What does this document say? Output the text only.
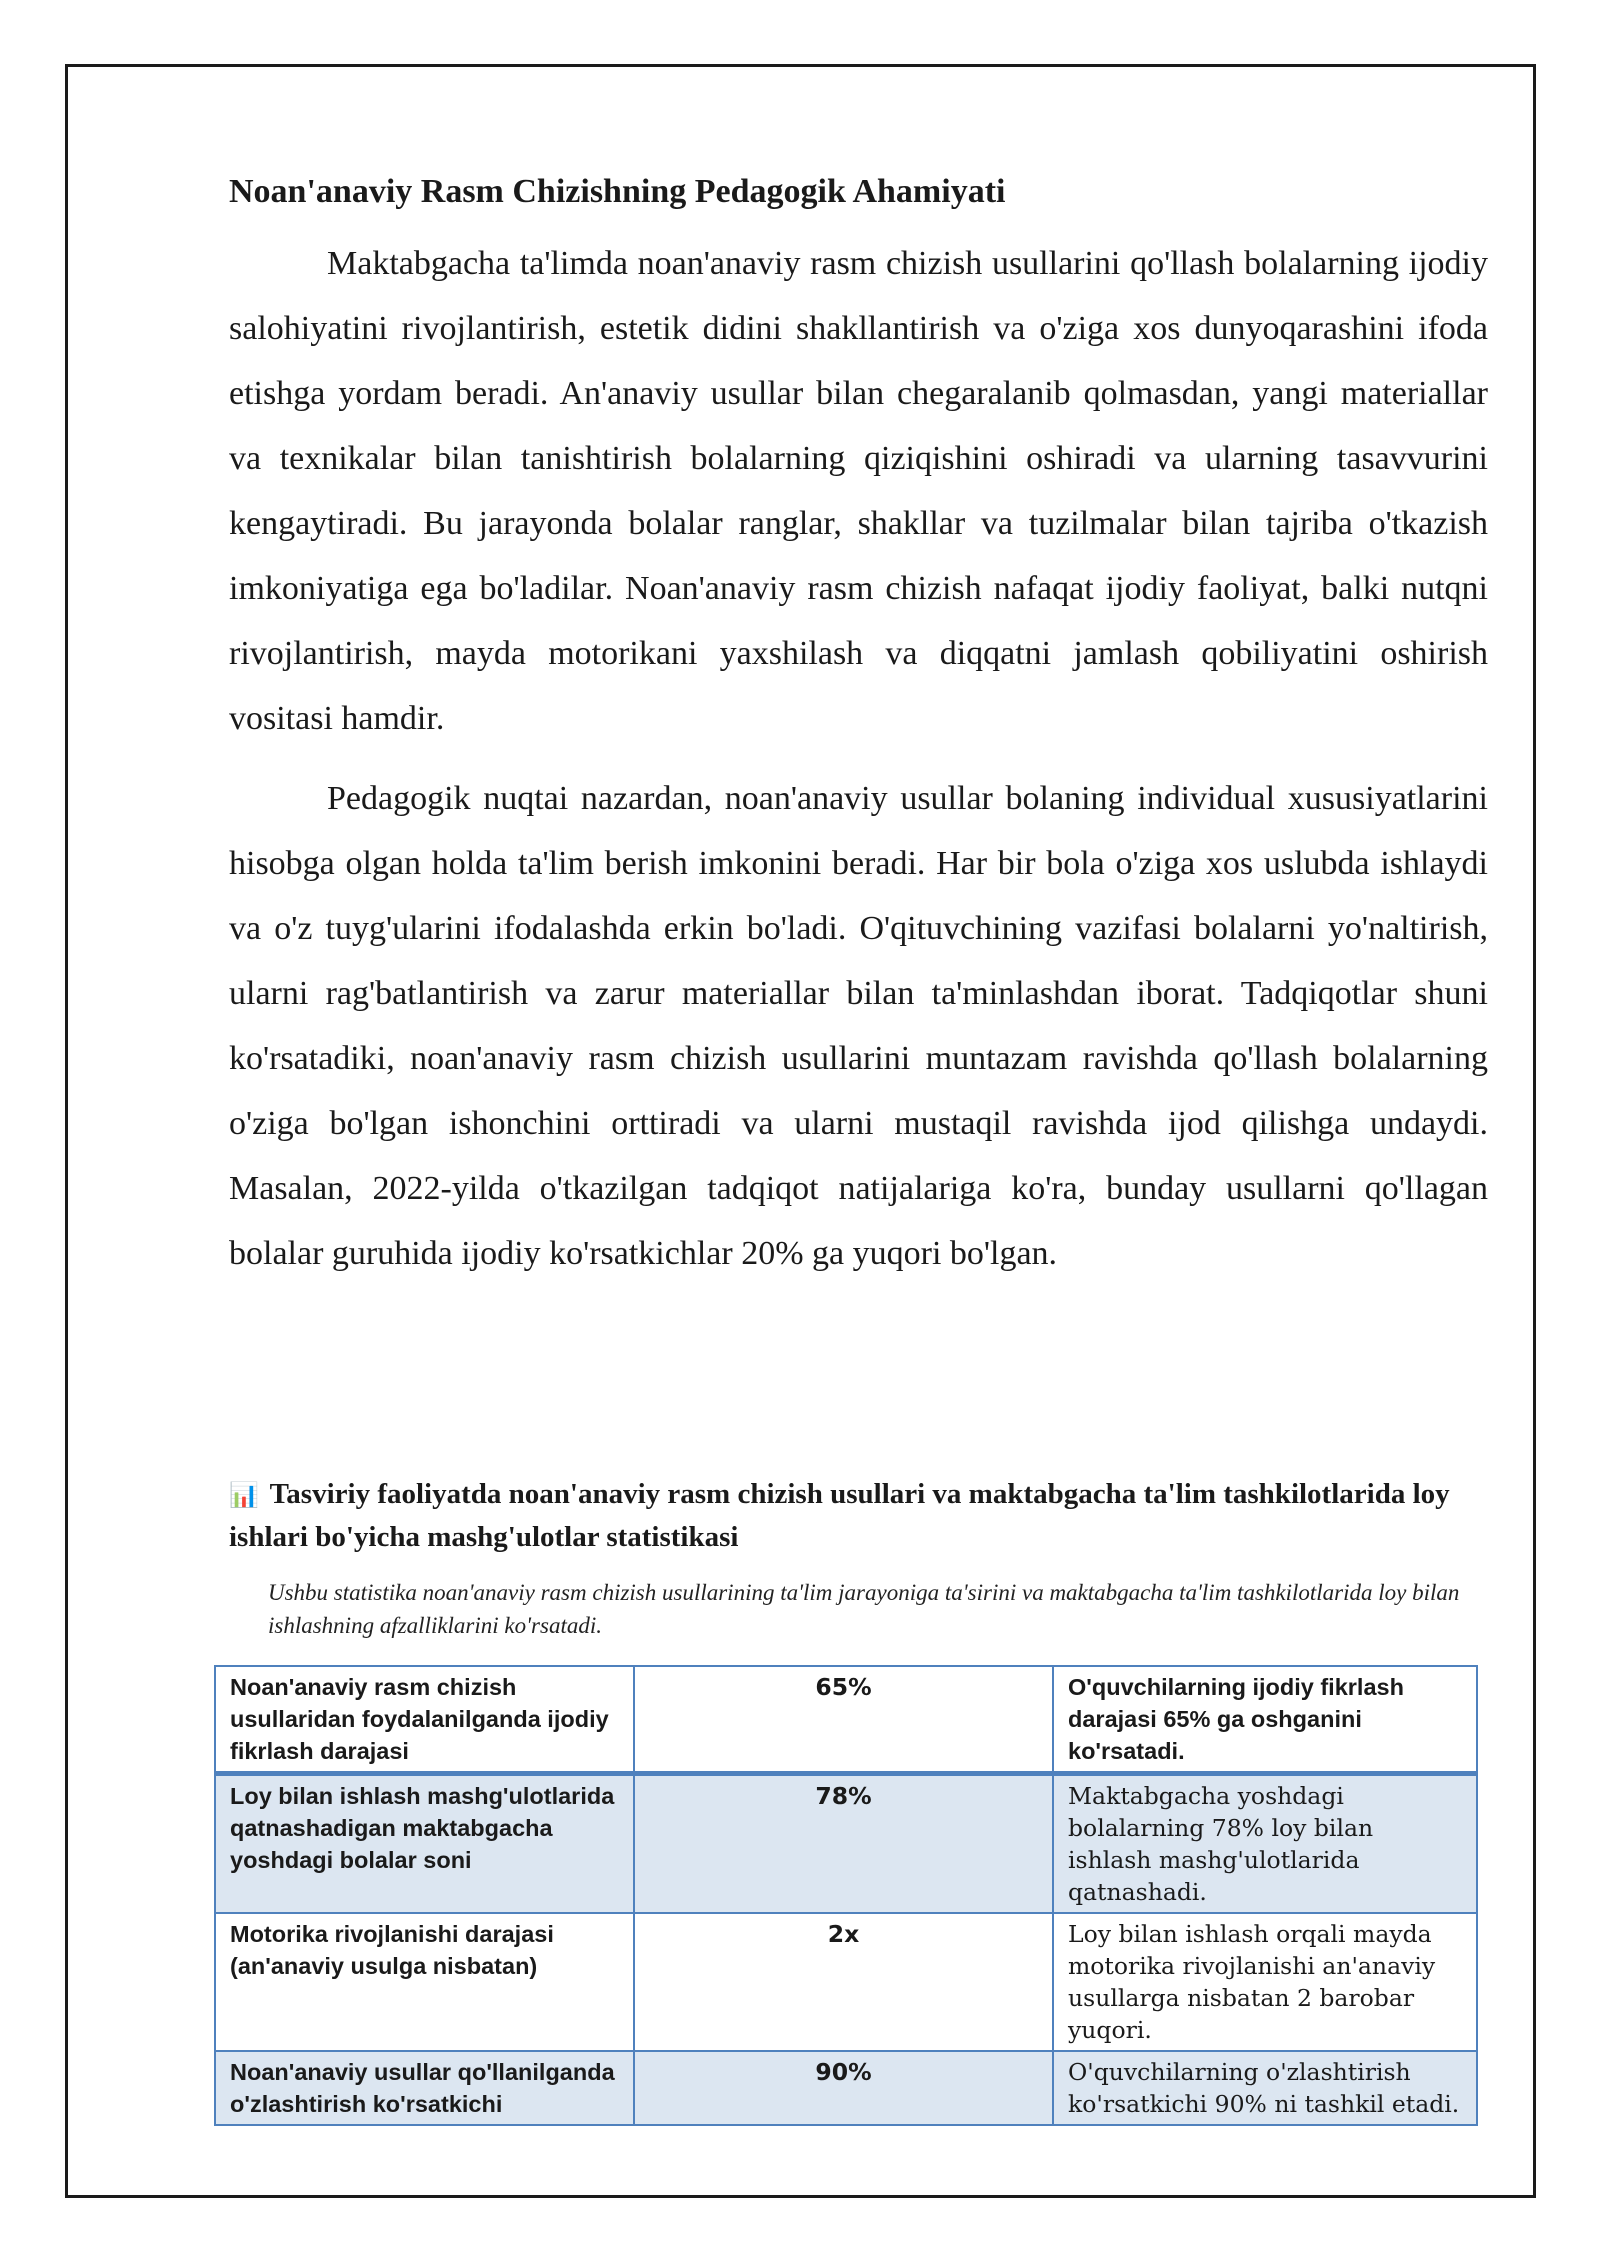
Noan'anaviy Rasm Chizishning Pedagogik Ahamiyati

Maktabgacha ta'limda noan'anaviy rasm chizish usullarini qo'llash bolalarning ijodiy salohiyatini rivojlantirish, estetik didini shakllantirish va o'ziga xos dunyoqarashini ifoda etishga yordam beradi. An'anaviy usullar bilan chegaralanib qolmasdan, yangi materiallar va texnikalar bilan tanishtirish bolalarning qiziqishini oshiradi va ularning tasavvurini kengaytiradi. Bu jarayonda bolalar ranglar, shakllar va tuzilmalar bilan tajriba o'tkazish imkoniyatiga ega bo'ladilar. Noan'anaviy rasm chizish nafaqat ijodiy faoliyat, balki nutqni rivojlantirish, mayda motorikani yaxshilash va diqqatni jamlash qobiliyatini oshirish vositasi hamdir.

Pedagogik nuqtai nazardan, noan'anaviy usullar bolaning individual xususiyatlarini hisobga olgan holda ta'lim berish imkonini beradi. Har bir bola o'ziga xos uslubda ishlaydi va o'z tuyg'ularini ifodalashda erkin bo'ladi. O'qituvchining vazifasi bolalarni yo'naltirish, ularni rag'batlantirish va zarur materiallar bilan ta'minlashdan iborat. Tadqiqotlar shuni ko'rsatadiki, noan'anaviy rasm chizish usullarini muntazam ravishda qo'llash bolalarning o'ziga bo'lgan ishonchini orttiradi va ularni mustaqil ravishda ijod qilishga undaydi. Masalan, 2022-yilda o'tkazilgan tadqiqot natijalariga ko'ra, bunday usullarni qo'llagan bolalar guruhida ijodiy ko'rsatkichlar 20% ga yuqori bo'lgan.

📊 Tasviriy faoliyatda noan'anaviy rasm chizish usullari va maktabgacha ta'lim tashkilotlarida loy ishlari bo'yicha mashg'ulotlar statistikasi
Ushbu statistika noan'anaviy rasm chizish usullarining ta'lim jarayoniga ta'sirini va maktabgacha ta'lim tashkilotlarida loy bilan ishlashning afzalliklarini ko'rsatadi.
Noan'anaviy rasm chizish usullaridan foydalanilganda ijodiy fikrlash darajasi	65%	O'quvchilarning ijodiy fikrlash darajasi 65% ga oshganini ko'rsatadi.
Loy bilan ishlash mashg'ulotlarida qatnashadigan maktabgacha yoshdagi bolalar soni	78%	Maktabgacha yoshdagi bolalarning 78% loy bilan ishlash mashg'ulotlarida qatnashadi.
Motorika rivojlanishi darajasi (an'anaviy usulga nisbatan)	2x	Loy bilan ishlash orqali mayda motorika rivojlanishi an'anaviy usullarga nisbatan 2 barobar yuqori.
Noan'anaviy usullar qo'llanilganda o'zlashtirish ko'rsatkichi	90%	O'quvchilarning o'zlashtirish ko'rsatkichi 90% ni tashkil etadi.
